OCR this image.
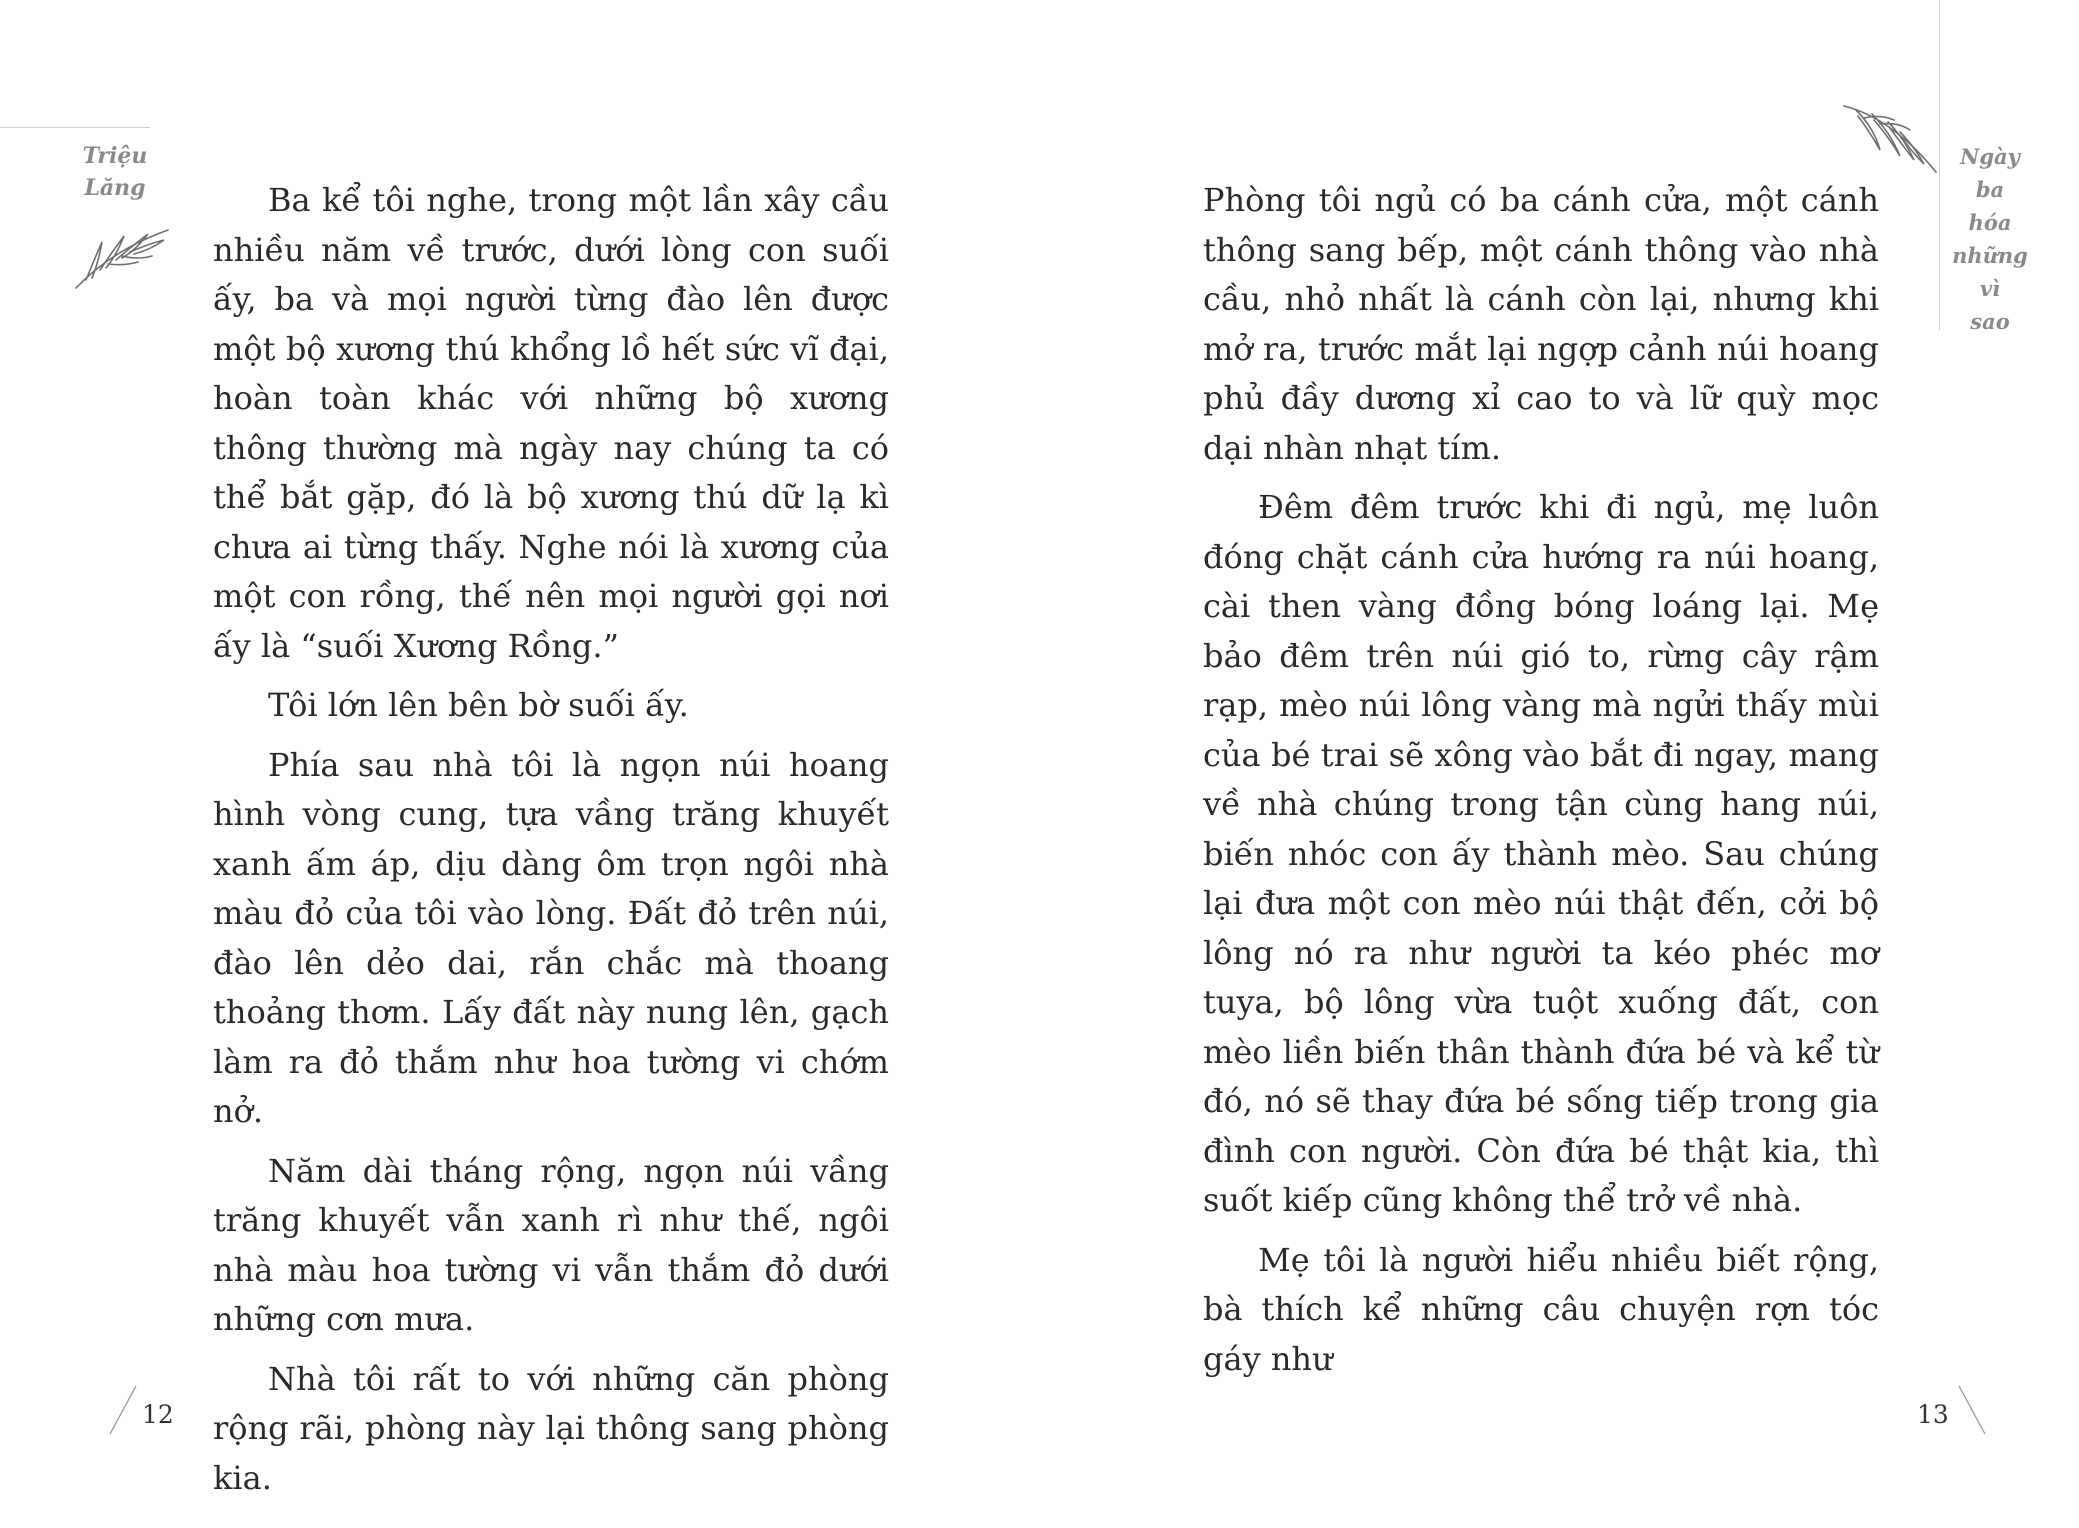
Triệu
Lăng	Ba kể tôi nghe, trong một lần xây cầu nhiều năm về trước, dưới lòng con suối ấy, ba và mọi người từng đào lên được một bộ xương thú khổng lồ hết sức vĩ đại, hoàn toàn khác với những bộ xương thông thường mà ngày nay chúng ta có thể bắt gặp, đó là bộ xương thú dữ lạ kì chưa ai từng thấy. Nghe nói là xương của một con rồng, thế nên mọi người gọi nơi ấy là “suối Xương Rồng.”

Tôi lớn lên bên bờ suối ấy.

Phía sau nhà tôi là ngọn núi hoang hình vòng cung, tựa vầng trăng khuyết xanh ấm áp, dịu dàng ôm trọn ngôi nhà màu đỏ của tôi vào lòng. Đất đỏ trên núi, đào lên dẻo dai, rắn chắc mà thoang thoảng thơm. Lấy đất này nung lên, gạch làm ra đỏ thắm như hoa tường vi chớm nở.

Năm dài tháng rộng, ngọn núi vầng trăng khuyết vẫn xanh rì như thế, ngôi nhà màu hoa tường vi vẫn thắm đỏ dưới những cơn mưa.

Nhà tôi rất to với những căn phòng rộng rãi, phòng này lại thông sang phòng kia.

12
Ngày
ba
hóa
những
vì
sao

Phòng tôi ngủ có ba cánh cửa, một cánh thông sang bếp, một cánh thông vào nhà cầu, nhỏ nhất là cánh còn lại, nhưng khi mở ra, trước mắt lại ngợp cảnh núi hoang phủ đầy dương xỉ cao to và lữ quỳ mọc dại nhàn nhạt tím.

Đêm đêm trước khi đi ngủ, mẹ luôn đóng chặt cánh cửa hướng ra núi hoang, cài then vàng đồng bóng loáng lại. Mẹ bảo đêm trên núi gió to, rừng cây rậm rạp, mèo núi lông vàng mà ngửi thấy mùi của bé trai sẽ xông vào bắt đi ngay, mang về nhà chúng trong tận cùng hang núi, biến nhóc con ấy thành mèo. Sau chúng lại đưa một con mèo núi thật đến, cởi bộ lông nó ra như người ta kéo phéc mơ tuya, bộ lông vừa tuột xuống đất, con mèo liền biến thân thành đứa bé và kể từ đó, nó sẽ thay đứa bé sống tiếp trong gia đình con người. Còn đứa bé thật kia, thì suốt kiếp cũng không thể trở về nhà.

Mẹ tôi là người hiểu nhiều biết rộng, bà thích kể những câu chuyện rợn tóc gáy như

13
